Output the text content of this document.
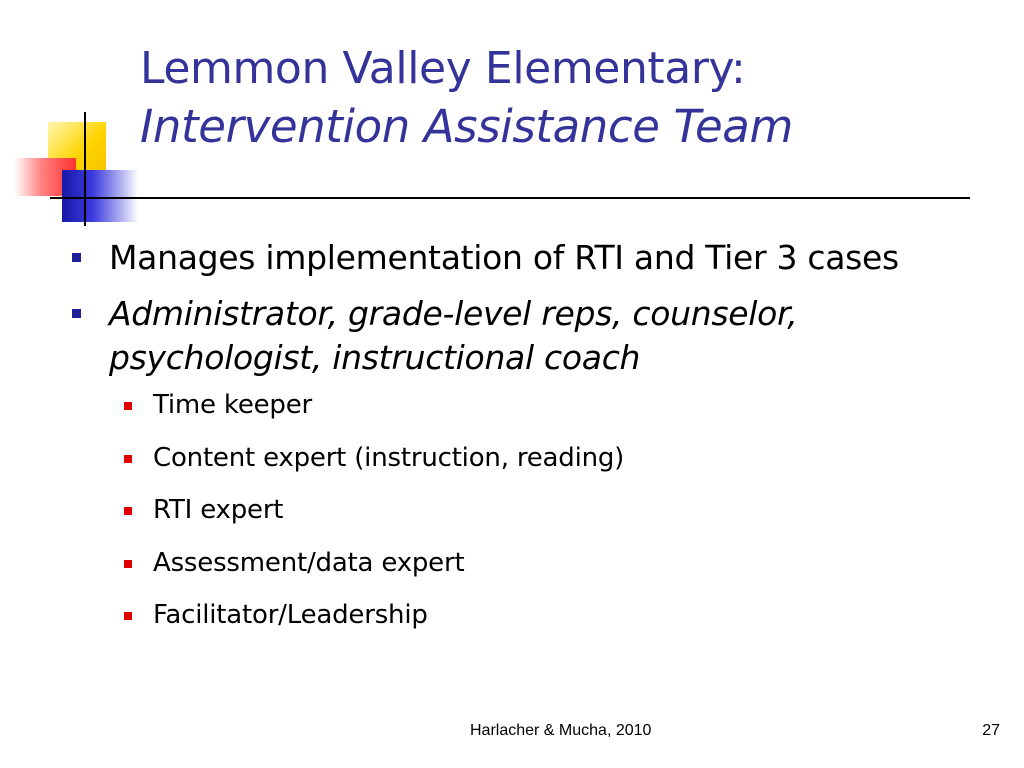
Lemmon Valley Elementary:
Intervention Assistance Team
Manages implementation of RTI and Tier 3 cases
Administrator, grade-level reps, counselor, psychologist, instructional coach
Time keeper
Content expert (instruction, reading)
RTI expert
Assessment/data expert
Facilitator/Leadership
Harlacher & Mucha, 2010	27
